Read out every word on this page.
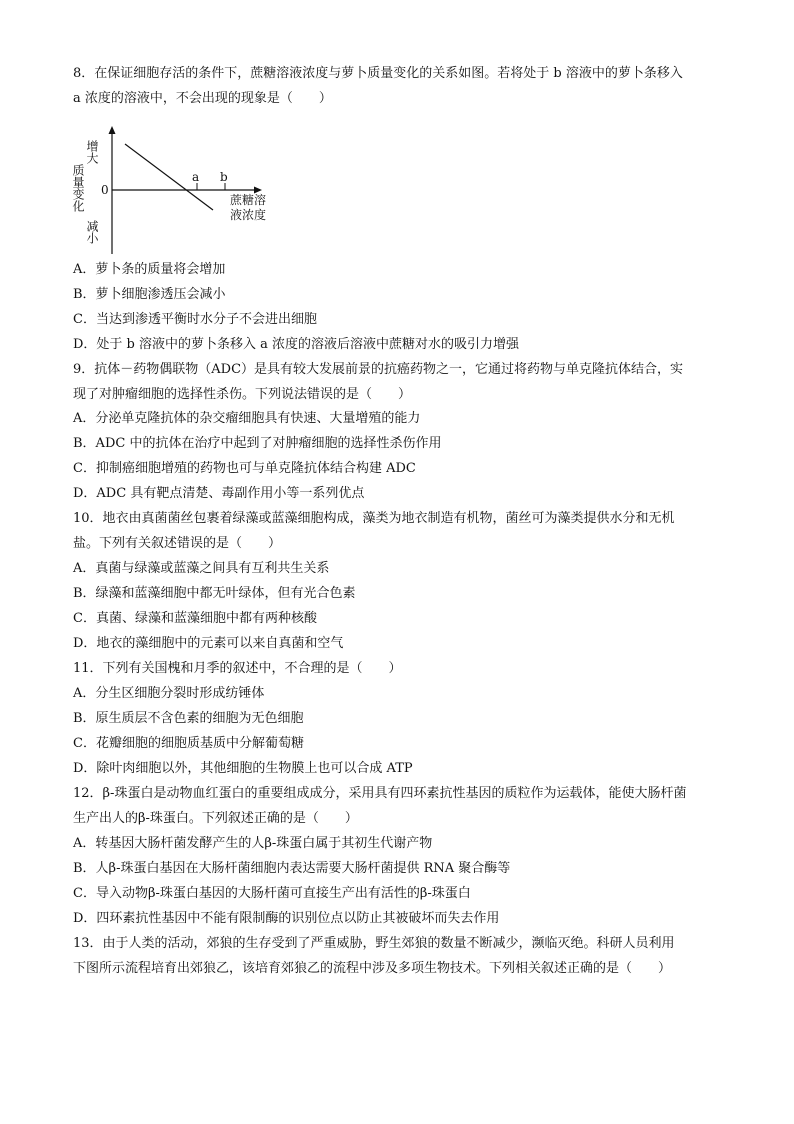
8．在保证细胞存活的条件下，蔗糖溶液浓度与萝卜质量变化的关系如图。若将处于 b 溶液中的萝卜条移入
a 浓度的溶液中，不会出现的现象是（　　）
A．萝卜条的质量将会增加
B．萝卜细胞渗透压会减小
C．当达到渗透平衡时水分子不会进出细胞
D．处于 b 溶液中的萝卜条移入 a 浓度的溶液后溶液中蔗糖对水的吸引力增强
9．抗体－药物偶联物（ADC）是具有较大发展前景的抗癌药物之一，它通过将药物与单克隆抗体结合，实
现了对肿瘤细胞的选择性杀伤。下列说法错误的是（　　）
A．分泌单克隆抗体的杂交瘤细胞具有快速、大量增殖的能力
B．ADC 中的抗体在治疗中起到了对肿瘤细胞的选择性杀伤作用
C．抑制癌细胞增殖的药物也可与单克隆抗体结合构建 ADC
D．ADC 具有靶点清楚、毒副作用小等一系列优点
10．地衣由真菌菌丝包裹着绿藻或蓝藻细胞构成，藻类为地衣制造有机物，菌丝可为藻类提供水分和无机
盐。下列有关叙述错误的是（　　）
A．真菌与绿藻或蓝藻之间具有互利共生关系
B．绿藻和蓝藻细胞中都无叶绿体，但有光合色素
C．真菌、绿藻和蓝藻细胞中都有两种核酸
D．地衣的藻细胞中的元素可以来自真菌和空气
11．下列有关国槐和月季的叙述中，不合理的是（　　）
A．分生区细胞分裂时形成纺锤体
B．原生质层不含色素的细胞为无色细胞
C．花瓣细胞的细胞质基质中分解葡萄糖
D．除叶肉细胞以外，其他细胞的生物膜上也可以合成 ATP
12．β-珠蛋白是动物血红蛋白的重要组成成分，采用具有四环素抗性基因的质粒作为运载体，能使大肠杆菌
生产出人的β-珠蛋白。下列叙述正确的是（　　）
A．转基因大肠杆菌发酵产生的人β-珠蛋白属于其初生代谢产物
B．人β-珠蛋白基因在大肠杆菌细胞内表达需要大肠杆菌提供 RNA 聚合酶等
C．导入动物β-珠蛋白基因的大肠杆菌可直接生产出有活性的β-珠蛋白
D．四环素抗性基因中不能有限制酶的识别位点以防止其被破坏而失去作用
13．由于人类的活动，郊狼的生存受到了严重威胁，野生郊狼的数量不断减少，濒临灭绝。科研人员利用
下图所示流程培育出郊狼乙，该培育郊狼乙的流程中涉及多项生物技术。下列相关叙述正确的是（　　）
a b
0
蔗糖溶
液浓度
增大
质量变化
减小
